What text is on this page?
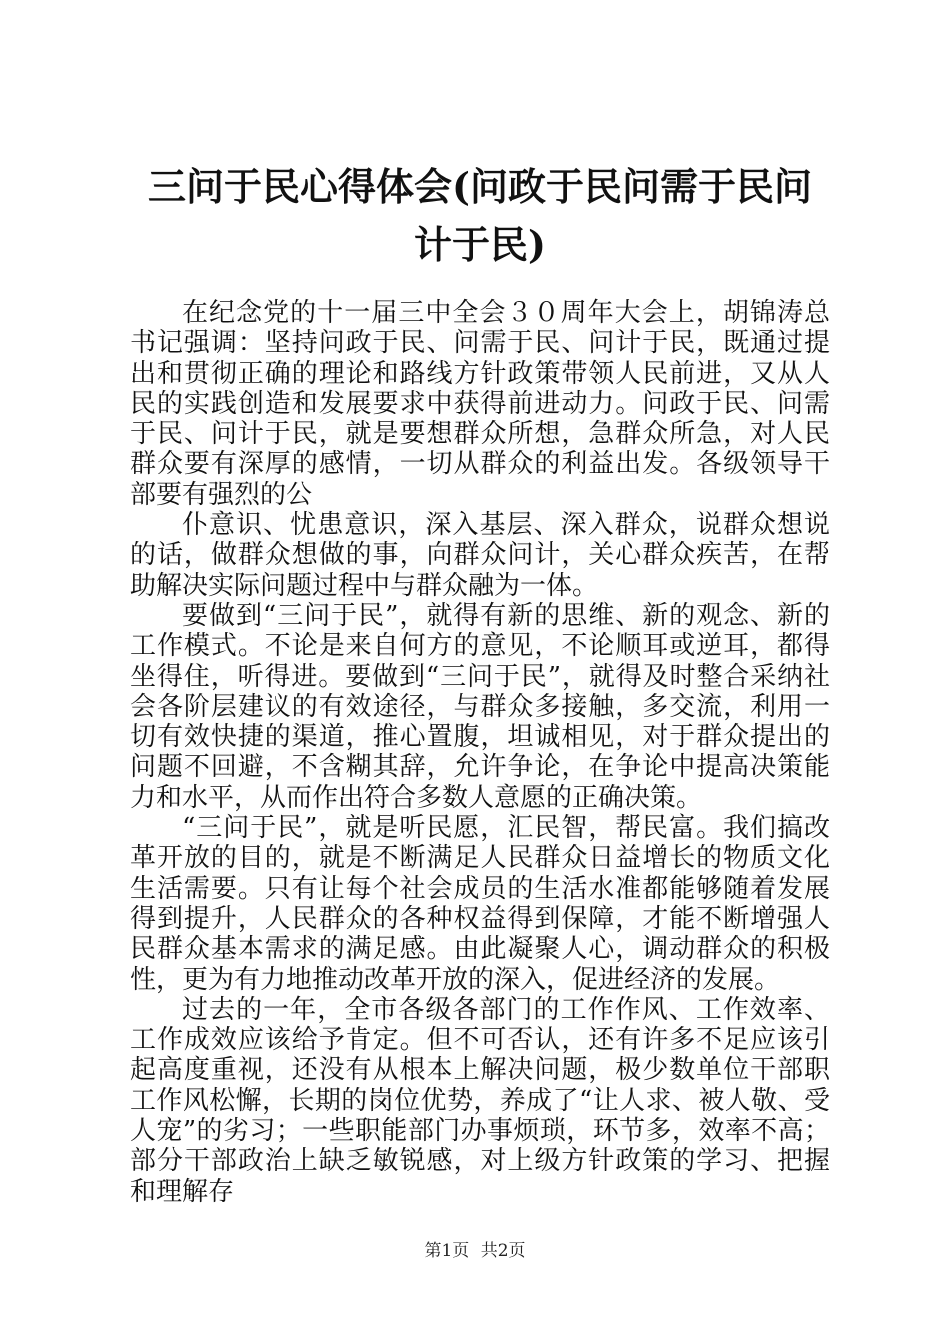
三问于民心得体会(问政于民问需于民问计于民)

在纪念党的十一届三中全会３０周年大会上，胡锦涛总书记强调：坚持问政于民、问需于民、问计于民，既通过提出和贯彻正确的理论和路线方针政策带领人民前进，又从人民的实践创造和发展要求中获得前进动力。问政于民、问需于民、问计于民，就是要想群众所想，急群众所急，对人民群众要有深厚的感情，一切从群众的利益出发。各级领导干部要有强烈的公

仆意识、忧患意识，深入基层、深入群众，说群众想说的话，做群众想做的事，向群众问计，关心群众疾苦，在帮助解决实际问题过程中与群众融为一体。

要做到“三问于民”，就得有新的思维、新的观念、新的工作模式。不论是来自何方的意见，不论顺耳或逆耳，都得坐得住，听得进。要做到“三问于民”，就得及时整合采纳社会各阶层建议的有效途径，与群众多接触，多交流，利用一切有效快捷的渠道，推心置腹，坦诚相见，对于群众提出的问题不回避，不含糊其辞，允许争论，在争论中提高决策能力和水平，从而作出符合多数人意愿的正确决策。

“三问于民”，就是听民愿，汇民智，帮民富。我们搞改革开放的目的，就是不断满足人民群众日益增长的物质文化生活需要。只有让每个社会成员的生活水准都能够随着发展得到提升，人民群众的各种权益得到保障，才能不断增强人民群众基本需求的满足感。由此凝聚人心，调动群众的积极性，更为有力地推动改革开放的深入，促进经济的发展。

过去的一年，全市各级各部门的工作作风、工作效率、工作成效应该给予肯定。但不可否认，还有许多不足应该引起高度重视，还没有从根本上解决问题，极少数单位干部职工作风松懈，长期的岗位优势，养成了“让人求、被人敬、受人宠”的劣习；一些职能部门办事烦琐，环节多，效率不高；部分干部政治上缺乏敏锐感，对上级方针政策的学习、把握和理解存

第1页 共2页
